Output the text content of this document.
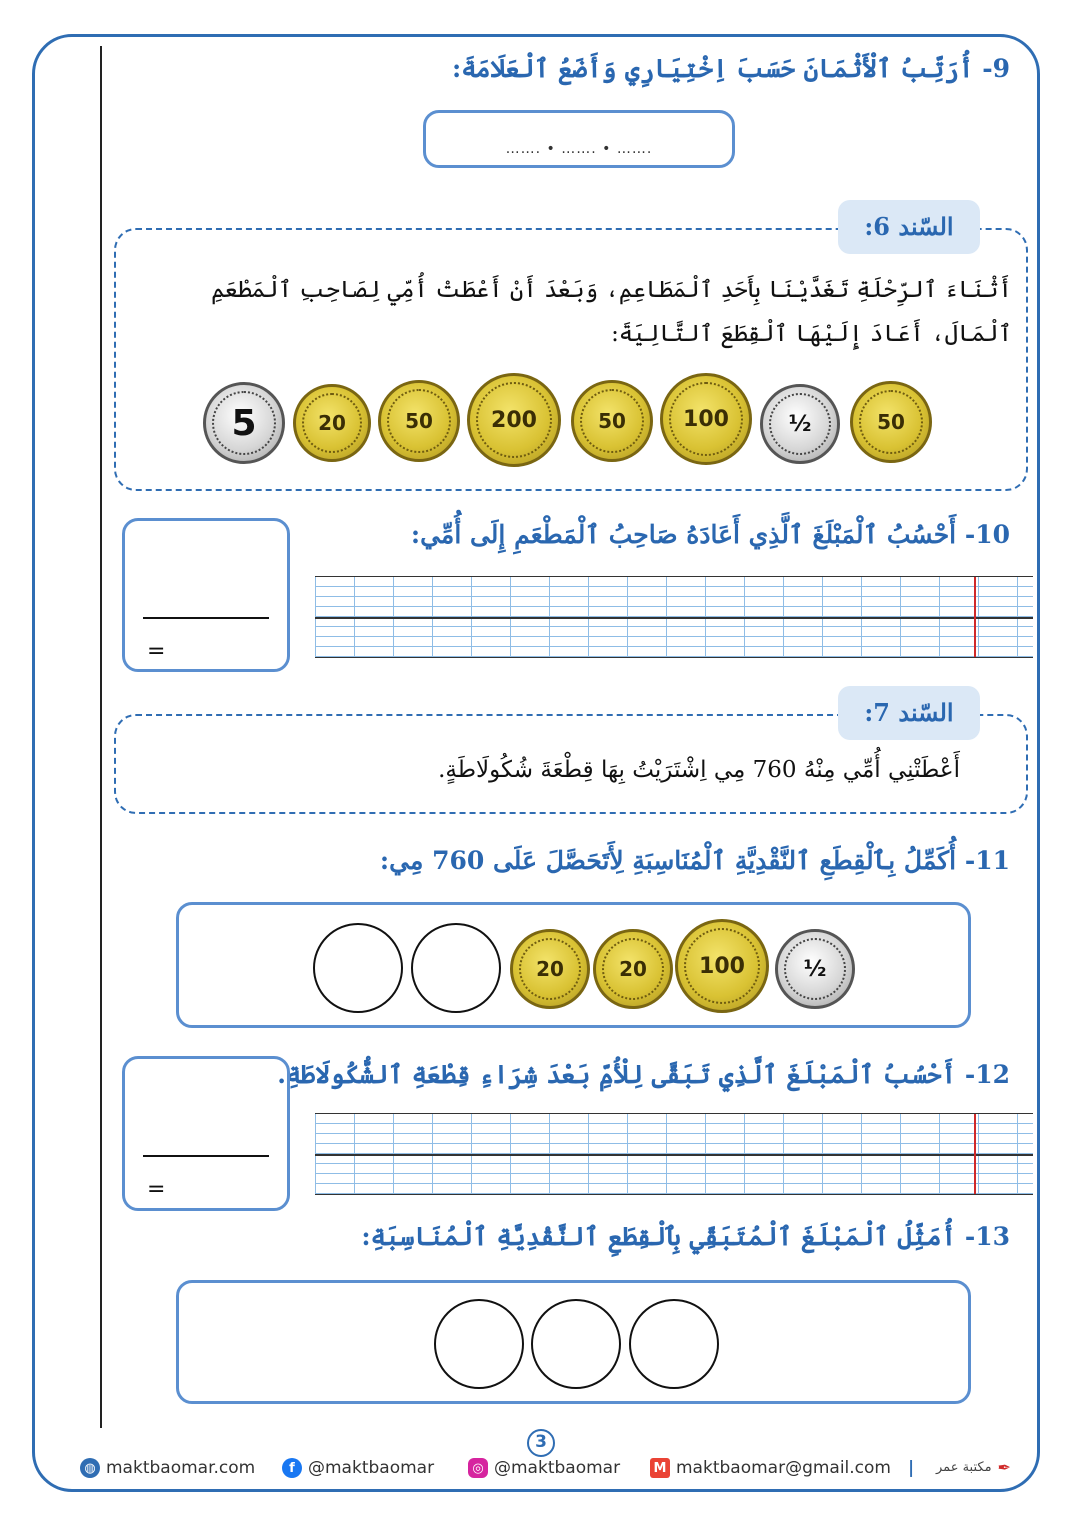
9- أُرَتِّبُ ٱلْأَثْمَانَ حَسَبَ اِخْتِيَارِي وَأَضَعُ ٱلْعَلَامَةَ:
……. • ……. • …….
السّند 6:
أَثْنَاءَ ٱلرِّحْلَةِ تَغَدَّيْنَا بِأَحَدِ ٱلْمَطَاعِمِ، وَبَعْدَ أَنْ أَعْطَتْ أُمِّي لِصَاحِبِ ٱلْمَطْعَمِ ٱلْمَالَ، أَعَادَ إِلَيْهَا ٱلْقِطَعَ ٱلتَّالِيَةَ:
5	20	50	200	50	100	½	50
10- أَحْسُبُ ٱلْمَبْلَغَ ٱلَّذِي أَعَادَهُ صَاحِبُ ٱلْمَطْعَمِ إِلَى أُمِّي:
=
السّند 7:
أَعْطَتْنِي أُمِّي مِنْهُ 760 مِي اِشْتَرَيْتُ بِهَا قِطْعَةَ شُكُولَاطَةٍ.
11- أُكَمِّلُ بِٱلْقِطَعِ ٱلنَّقْدِيَّةِ ٱلْمُنَاسِبَةِ لِأَتَحَصَّلَ عَلَى 760 مِي:
20	20	100	½
12- أَحْسُبُ ٱلْمَبْلَغَ ٱلَّذِي تَبَقَّى لِلْأُمِّ بَعْدَ شِرَاءِ قِطْعَةِ ٱلشُّكُولَاطَةِ.
=
13- أُمَثِّلُ ٱلْمَبْلَغَ ٱلْمُتَبَقِّي بِٱلْقِطَعِ ٱلنَّقْدِيَّةِ ٱلْمُنَاسِبَةِ:
3
◍ maktbaomar.com	f @maktbaomar	◎ @maktbaomar	M maktbaomar@gmail.com |	✒
مكتبة عمر
